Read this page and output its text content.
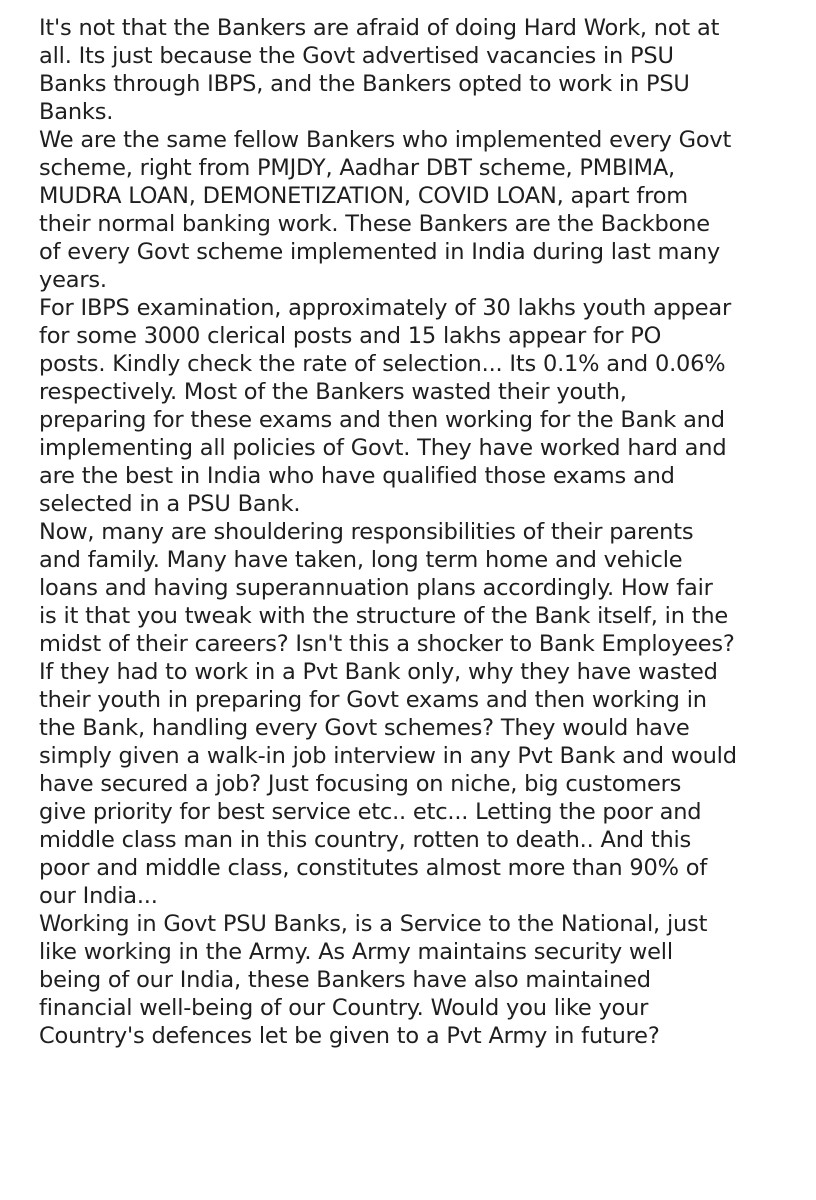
It's not that the Bankers are afraid of doing Hard Work, not at

all. Its just because the Govt advertised vacancies in PSU

Banks through IBPS, and the Bankers opted to work in PSU

Banks.

We are the same fellow Bankers who implemented every Govt

scheme, right from PMJDY, Aadhar DBT scheme, PMBIMA,

MUDRA LOAN, DEMONETIZATION, COVID LOAN, apart from

their normal banking work. These Bankers are the Backbone

of every Govt scheme implemented in India during last many

years.

For IBPS examination, approximately of 30 lakhs youth appear

for some 3000 clerical posts and 15 lakhs appear for PO

posts. Kindly check the rate of selection... Its 0.1% and 0.06%

respectively. Most of the Bankers wasted their youth,

preparing for these exams and then working for the Bank and

implementing all policies of Govt. They have worked hard and

are the best in India who have qualified those exams and

selected in a PSU Bank.

Now, many are shouldering responsibilities of their parents

and family. Many have taken, long term home and vehicle

loans and having superannuation plans accordingly. How fair

is it that you tweak with the structure of the Bank itself, in the

midst of their careers? Isn't this a shocker to Bank Employees?

If they had to work in a Pvt Bank only, why they have wasted

their youth in preparing for Govt exams and then working in

the Bank, handling every Govt schemes? They would have

simply given a walk-in job interview in any Pvt Bank and would

have secured a job? Just focusing on niche, big customers

give priority for best service etc.. etc... Letting the poor and

middle class man in this country, rotten to death.. And this

poor and middle class, constitutes almost more than 90% of

our India...

Working in Govt PSU Banks, is a Service to the National, just

like working in the Army. As Army maintains security well

being of our India, these Bankers have also maintained

financial well-being of our Country. Would you like your

Country's defences let be given to a Pvt Army in future?
